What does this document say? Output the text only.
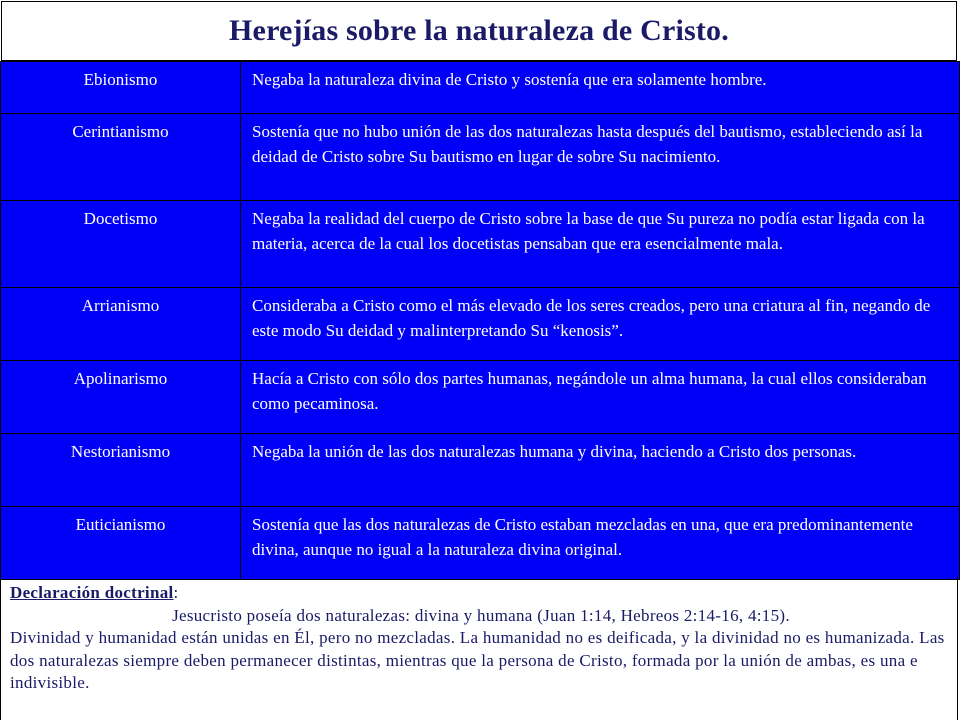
Herejías sobre la naturaleza de Cristo.
Ebionismo	Negaba la naturaleza divina de Cristo y sostenía que era solamente hombre.
Cerintianismo	Sostenía que no hubo unión de las dos naturalezas hasta después del bautismo, estableciendo así la deidad de Cristo sobre Su bautismo en lugar de sobre Su nacimiento.
Docetismo	Negaba la realidad del cuerpo de Cristo sobre la base de que Su pureza no podía estar ligada con la materia, acerca de la cual los docetistas pensaban que era esencialmente mala.
Arrianismo	Consideraba a Cristo como el más elevado de los seres creados, pero una criatura al fin, negando de este modo Su deidad y malinterpretando Su “kenosis”.
Apolinarismo	Hacía a Cristo con sólo dos partes humanas, negándole un alma humana, la cual ellos consideraban como pecaminosa.
Nestorianismo	Negaba la unión de las dos naturalezas humana y divina, haciendo a Cristo dos personas.
Euticianismo	Sostenía que las dos naturalezas de Cristo estaban mezcladas en una, que era predominantemente divina, aunque no igual a la naturaleza divina original.

Declaración doctrinal:

Jesucristo poseía dos naturalezas: divina y humana (Juan 1:14, Hebreos 2:14-16, 4:15).

Divinidad y humanidad están unidas en Él, pero no mezcladas. La humanidad no es deificada, y la divinidad no es humanizada. Las dos naturalezas siempre deben permanecer distintas, mientras que la persona de Cristo, formada por la unión de ambas, es una e indivisible.
